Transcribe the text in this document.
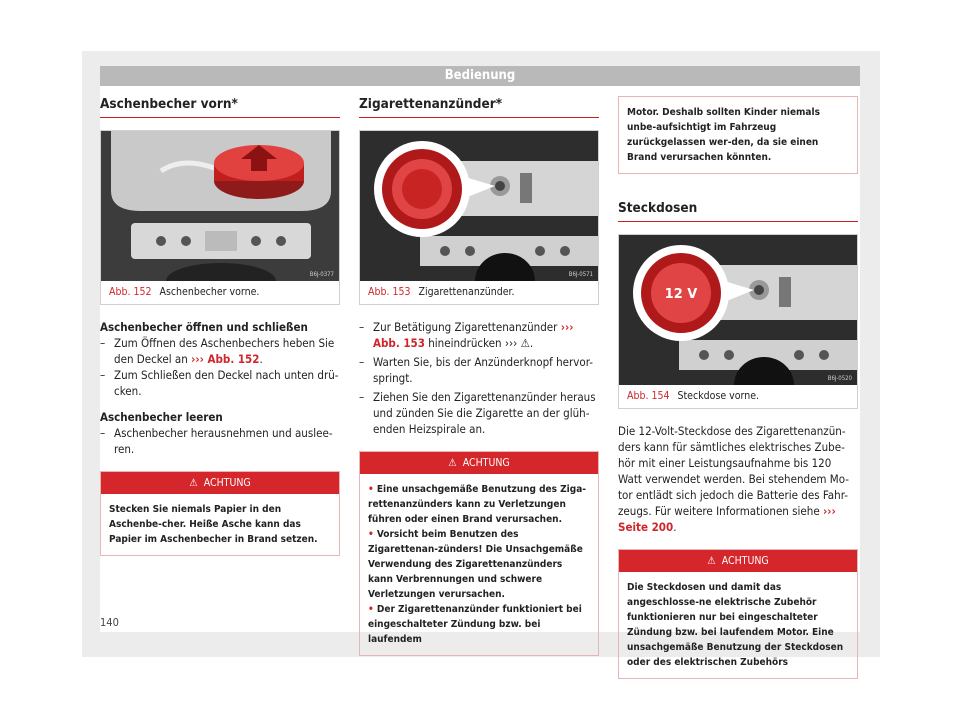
Bedienung
Aschenbecher vorn*
B6J-0377
Abb. 152 Aschenbecher vorne.
Aschenbecher öffnen und schließen
– Zum Öffnen des Aschenbechers heben Sie den Deckel an ››› Abb. 152.
– Zum Schließen den Deckel nach unten drü-cken.
Aschenbecher leeren
– Aschenbecher herausnehmen und auslee-ren.
⚠ ACHTUNG
Stecken Sie niemals Papier in den Aschenbe-cher. Heiße Asche kann das Papier im Aschenbecher in Brand setzen.
Zigarettenanzünder*
B6J-0571
Abb. 153 Zigarettenanzünder.
– Zur Betätigung Zigarettenanzünder ››› Abb. 153 hineindrücken ››› ⚠.
– Warten Sie, bis der Anzünderknopf hervor-springt.
– Ziehen Sie den Zigarettenanzünder heraus und zünden Sie die Zigarette an der glüh-enden Heizspirale an.
⚠ ACHTUNG
• Eine unsachgemäße Benutzung des Ziga-rettenanzünders kann zu Verletzungen führen oder einen Brand verursachen.
• Vorsicht beim Benutzen des Zigarettenan-zünders! Die Unsachgemäße Verwendung des Zigarettenanzünders kann Verbrennungen und schwere Verletzungen verursachen.
• Der Zigarettenanzünder funktioniert bei eingeschalteter Zündung bzw. bei laufendem
Motor. Deshalb sollten Kinder niemals unbe-aufsichtigt im Fahrzeug zurückgelassen wer-den, da sie einen Brand verursachen könnten.
Steckdosen
12 V
B6J-0520
Abb. 154 Steckdose vorne.
Die 12-Volt-Steckdose des Zigarettenanzün-ders kann für sämtliches elektrisches Zube-hör mit einer Leistungsaufnahme bis 120 Watt verwendet werden. Bei stehendem Mo-tor entlädt sich jedoch die Batterie des Fahr-zeugs. Für weitere Informationen siehe ››› Seite 200.
⚠ ACHTUNG
Die Steckdosen und damit das angeschlosse-ne elektrische Zubehör funktionieren nur bei eingeschalteter Zündung bzw. bei laufendem Motor. Eine unsachgemäße Benutzung der Steckdosen oder des elektrischen Zubehörs
140
